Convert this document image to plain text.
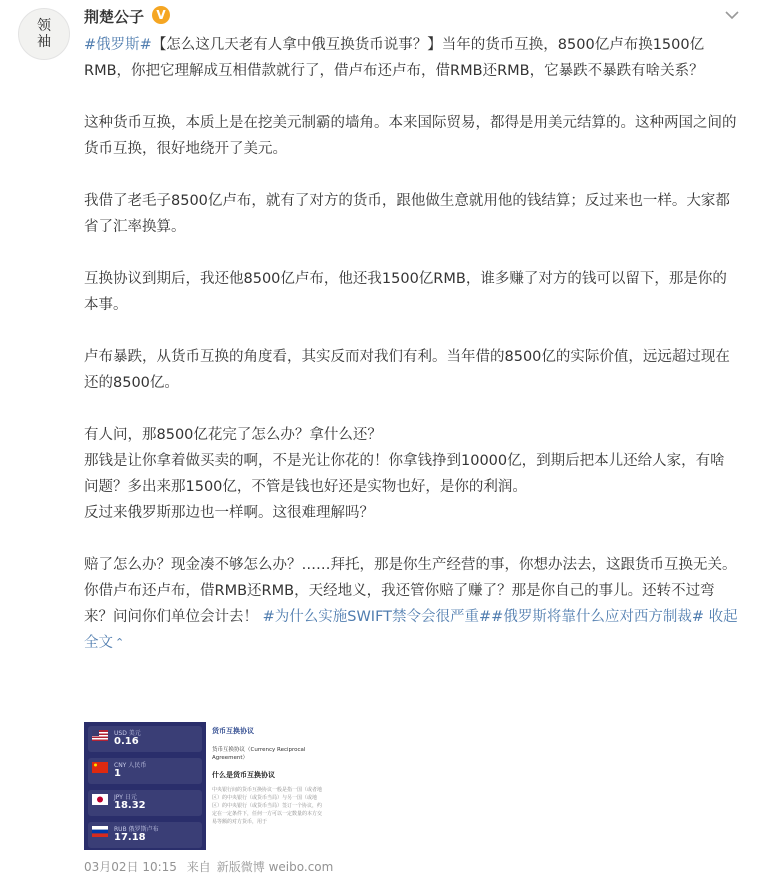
领
袖
荆楚公子 V

#俄罗斯#【怎么这几天老有人拿中俄互换货币说事？】当年的货币互换，8500亿卢布换1500亿RMB，你把它理解成互相借款就行了，借卢布还卢布，借RMB还RMB，它暴跌不暴跌有啥关系？

这种货币互换，本质上是在挖美元制霸的墙角。本来国际贸易，都得是用美元结算的。这种两国之间的货币互换，很好地绕开了美元。

我借了老毛子8500亿卢布，就有了对方的货币，跟他做生意就用他的钱结算；反过来也一样。大家都省了汇率换算。

互换协议到期后，我还他8500亿卢布，他还我1500亿RMB，谁多赚了对方的钱可以留下，那是你的本事。

卢布暴跌，从货币互换的角度看，其实反而对我们有利。当年借的8500亿的实际价值，远远超过现在还的8500亿。

有人问，那8500亿花完了怎么办？拿什么还？

那钱是让你拿着做买卖的啊，不是光让你花的！你拿钱挣到10000亿，到期后把本儿还给人家，有啥问题？多出来那1500亿，不管是钱也好还是实物也好，是你的利润。

反过来俄罗斯那边也一样啊。这很难理解吗？

赔了怎么办？现金凑不够怎么办？……拜托，那是你生产经营的事，你想办法去，这跟货币互换无关。你借卢布还卢布，借RMB还RMB，天经地义，我还管你赔了赚了？那是你自己的事儿。还转不过弯来？问问你们单位会计去！ #为什么实施SWIFT禁令会很严重##俄罗斯将靠什么应对西方制裁# 收起全文 ⌃

USD 美元
0.16
CNY 人民币
1
JPY 日元
18.32
RUB 俄罗斯卢布
17.18
货币互换协议
货币互换协议（Currency Reciprocal Agreement）
什么是货币互换协议
中央银行间的货币互换协议一般是指一国（或者地区）的中央银行（或货币当局）与另一国（或地区）的中央银行（或货币当局）签订一个协议，约定在一定条件下，任何一方可以一定数量的本方交易等额的对方货币，用于
03月02日 10:15 来自 新版微博 weibo.com
